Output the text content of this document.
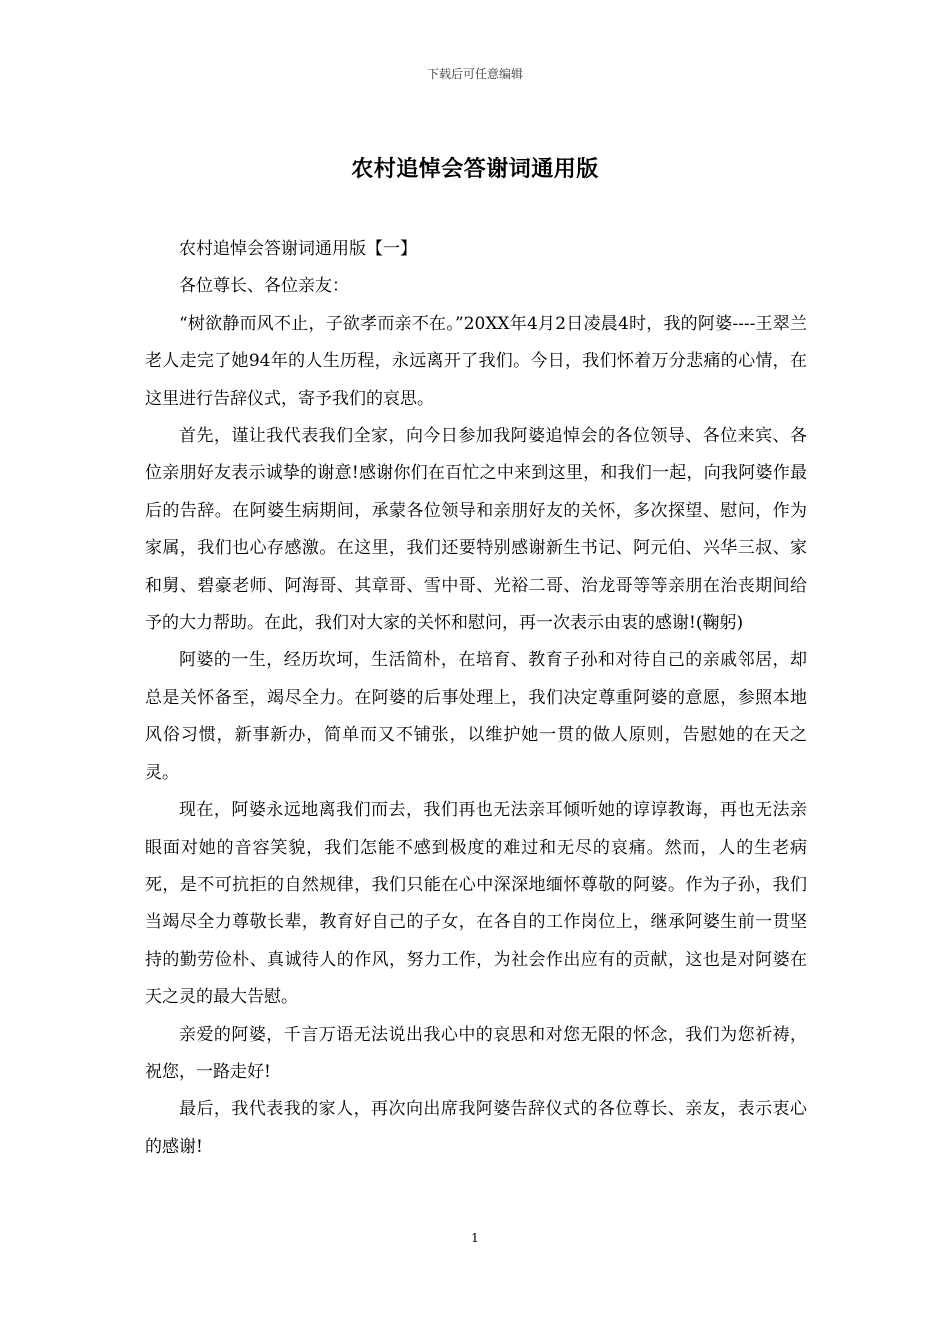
下载后可任意编辑
农村追悼会答谢词通用版

农村追悼会答谢词通用版【一】

各位尊长、各位亲友：

“树欲静而风不止，子欲孝而亲不在。”20XX年4月2日凌晨4时，我的阿婆----王翠兰老人走完了她94年的人生历程，永远离开了我们。今日，我们怀着万分悲痛的心情，在这里进行告辞仪式，寄予我们的哀思。

首先，谨让我代表我们全家，向今日参加我阿婆追悼会的各位领导、各位来宾、各位亲朋好友表示诚挚的谢意!感谢你们在百忙之中来到这里，和我们一起，向我阿婆作最后的告辞。在阿婆生病期间，承蒙各位领导和亲朋好友的关怀，多次探望、慰问，作为家属，我们也心存感激。在这里，我们还要特别感谢新生书记、阿元伯、兴华三叔、家和舅、碧豪老师、阿海哥、其章哥、雪中哥、光裕二哥、治龙哥等等亲朋在治丧期间给予的大力帮助。在此，我们对大家的关怀和慰问，再一次表示由衷的感谢!(鞠躬)

阿婆的一生，经历坎坷，生活简朴，在培育、教育子孙和对待自己的亲戚邻居，却总是关怀备至，竭尽全力。在阿婆的后事处理上，我们决定尊重阿婆的意愿，参照本地风俗习惯，新事新办，简单而又不铺张，以维护她一贯的做人原则，告慰她的在天之灵。

现在，阿婆永远地离我们而去，我们再也无法亲耳倾听她的谆谆教诲，再也无法亲眼面对她的音容笑貌，我们怎能不感到极度的难过和无尽的哀痛。然而，人的生老病死，是不可抗拒的自然规律，我们只能在心中深深地缅怀尊敬的阿婆。作为子孙，我们当竭尽全力尊敬长辈，教育好自己的子女，在各自的工作岗位上，继承阿婆生前一贯坚持的勤劳俭朴、真诚待人的作风，努力工作，为社会作出应有的贡献，这也是对阿婆在天之灵的最大告慰。

亲爱的阿婆，千言万语无法说出我心中的哀思和对您无限的怀念，我们为您祈祷，祝您，一路走好!

最后，我代表我的家人，再次向出席我阿婆告辞仪式的各位尊长、亲友，表示衷心的感谢!

1
